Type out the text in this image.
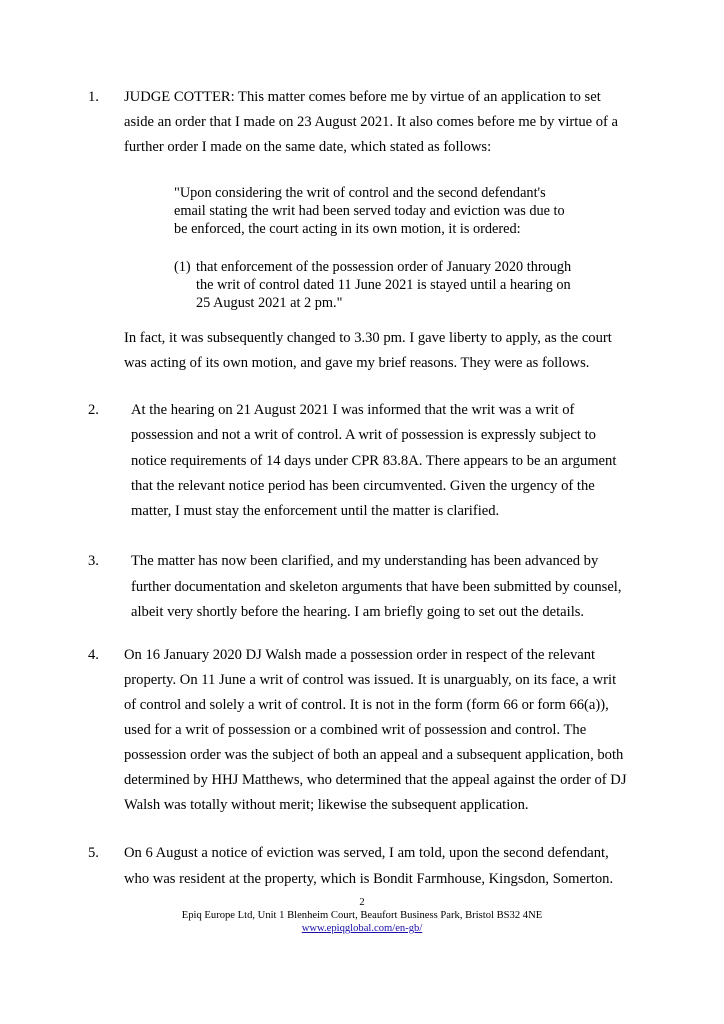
1. JUDGE COTTER: This matter comes before me by virtue of an application to set
aside an order that I made on 23 August 2021. It also comes before me by virtue of a
further order I made on the same date, which stated as follows:
"Upon considering the writ of control and the second defendant's
email stating the writ had been served today and eviction was due to
be enforced, the court acting in its own motion, it is ordered:
(1) that enforcement of the possession order of January 2020 through
the writ of control dated 11 June 2021 is stayed until a hearing on
25 August 2021 at 2 pm."
In fact, it was subsequently changed to 3.30 pm. I gave liberty to apply, as the court
was acting of its own motion, and gave my brief reasons. They were as follows.
2. At the hearing on 21 August 2021 I was informed that the writ was a writ of
possession and not a writ of control. A writ of possession is expressly subject to
notice requirements of 14 days under CPR 83.8A. There appears to be an argument
that the relevant notice period has been circumvented. Given the urgency of the
matter, I must stay the enforcement until the matter is clarified.
3. The matter has now been clarified, and my understanding has been advanced by
further documentation and skeleton arguments that have been submitted by counsel,
albeit very shortly before the hearing. I am briefly going to set out the details.
4. On 16 January 2020 DJ Walsh made a possession order in respect of the relevant
property. On 11 June a writ of control was issued. It is unarguably, on its face, a writ
of control and solely a writ of control. It is not in the form (form 66 or form 66(a)),
used for a writ of possession or a combined writ of possession and control. The
possession order was the subject of both an appeal and a subsequent application, both
determined by HHJ Matthews, who determined that the appeal against the order of DJ
Walsh was totally without merit; likewise the subsequent application.
5. On 6 August a notice of eviction was served, I am told, upon the second defendant,
who was resident at the property, which is Bondit Farmhouse, Kingsdon, Somerton.
2
Epiq Europe Ltd, Unit 1 Blenheim Court, Beaufort Business Park, Bristol BS32 4NE
www.epiqglobal.com/en-gb/
